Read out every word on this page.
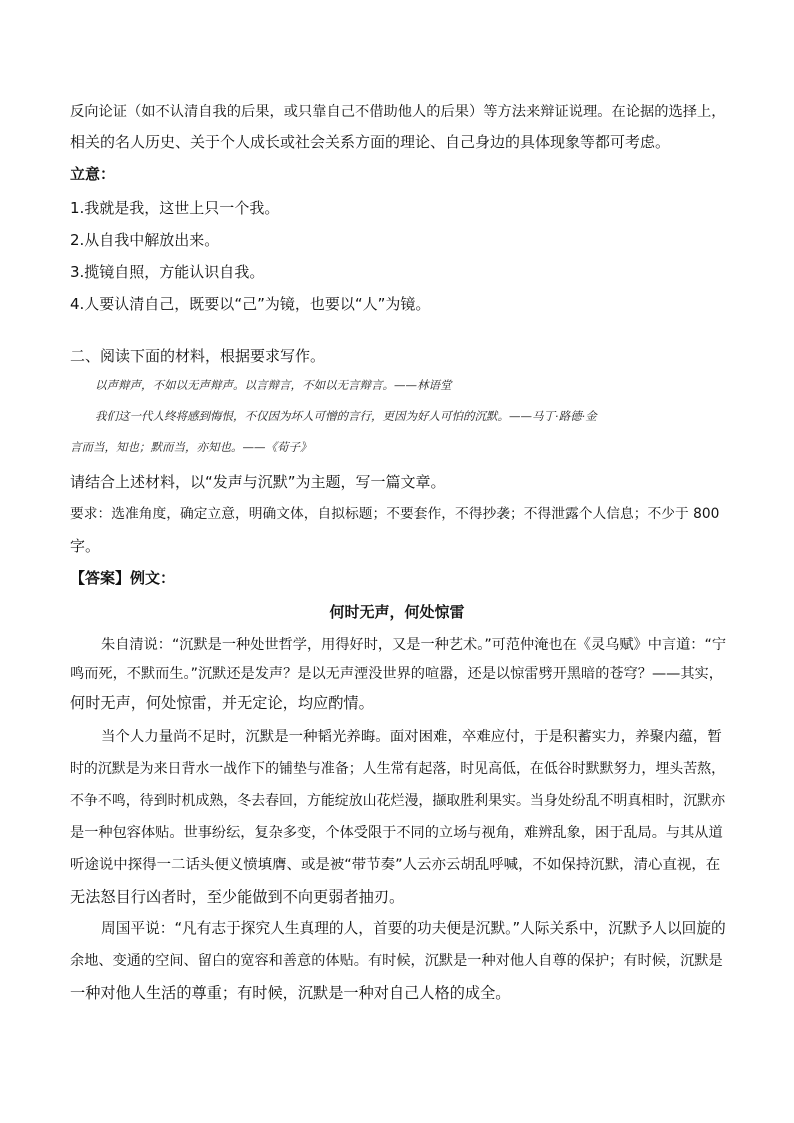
反向论证（如不认清自我的后果，或只靠自己不借助他人的后果）等方法来辩证说理。在论据的选择上，
相关的名人历史、关于个人成长或社会关系方面的理论、自己身边的具体现象等都可考虑。
立意：
1.我就是我，这世上只一个我。
2.从自我中解放出来。
3.揽镜自照，方能认识自我。
4.人要认清自己，既要以“己”为镜，也要以“人”为镜。
二、阅读下面的材料，根据要求写作。
以声辩声，不如以无声辩声。以言辩言，不如以无言辩言。——林语堂
我们这一代人终将感到悔恨，不仅因为坏人可憎的言行，更因为好人可怕的沉默。——马丁·路德·金
言而当，知也；默而当，亦知也。——《荀子》
请结合上述材料，以“发声与沉默”为主题，写一篇文章。
要求：选准角度，确定立意，明确文体，自拟标题；不要套作，不得抄袭；不得泄露个人信息；不少于 800
字。
【答案】例文：
何时无声，何处惊雷
朱自清说：“沉默是一种处世哲学，用得好时，又是一种艺术。”可范仲淹也在《灵乌赋》中言道：“宁
鸣而死，不默而生。”沉默还是发声？是以无声湮没世界的喧嚣，还是以惊雷劈开黑暗的苍穹？——其实，
何时无声，何处惊雷，并无定论，均应酌情。
当个人力量尚不足时，沉默是一种韬光养晦。面对困难，卒难应付，于是积蓄实力，养聚内蕴，暂
时的沉默是为来日背水一战作下的铺垫与准备；人生常有起落，时见高低，在低谷时默默努力，埋头苦熬，
不争不鸣，待到时机成熟，冬去春回，方能绽放山花烂漫，撷取胜利果实。当身处纷乱不明真相时，沉默亦
是一种包容体贴。世事纷纭，复杂多变，个体受限于不同的立场与视角，难辨乱象，困于乱局。与其从道
听途说中探得一二话头便义愤填膺、或是被“带节奏”人云亦云胡乱呼喊，不如保持沉默，清心直视，在
无法怒目行凶者时，至少能做到不向更弱者抽刃。
周国平说：“凡有志于探究人生真理的人，首要的功夫便是沉默。”人际关系中，沉默予人以回旋的
余地、变通的空间、留白的宽容和善意的体贴。有时候，沉默是一种对他人自尊的保护；有时候，沉默是
一种对他人生活的尊重；有时候，沉默是一种对自己人格的成全。
